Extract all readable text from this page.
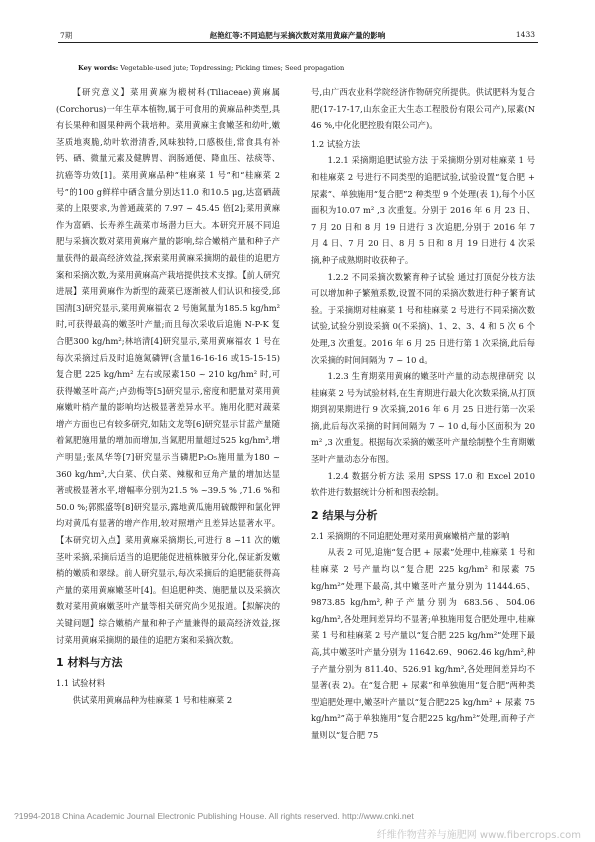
7期	赵艳红等:不同追肥与采摘次数对菜用黄麻产量的影响	1433
Key words: Vegetable-used jute; Topdressing; Picking times; Seed propagation

【研究意义】菜用黄麻为椴树科(Tiliaceae)黄麻属(Corchorus)一年生草本植物,属于可食用的黄麻品种类型,具有长果种和圆果种两个栽培种。菜用黄麻主食嫩茎和幼叶,嫩茎质地爽脆,幼叶软滑清香,风味独特,口感极佳,常食具有补钙、硒、微量元素及健脾胃、润肠通便、降血压、祛痰等、抗癌等功效[1]。菜用黄麻品种“桂麻菜 1 号”和“桂麻菜 2 号”的100 g鲜样中硒含量分别达11.0 和10.5 μg,达富硒蔬菜的上限要求,为普通蔬菜的 7.97 ~ 45.45 倍[2];菜用黄麻作为富硒、长寿养生蔬菜市场潜力巨大。本研究开展不同追肥与采摘次数对菜用黄麻产量的影响,综合嫩梢产量和种子产量获得的最高经济效益,探索菜用黄麻采摘期的最佳的追肥方案和采摘次数,为菜用黄麻高产栽培提供技术支撑。【前人研究进展】菜用黄麻作为新型的蔬菜已逐渐被人们认识和接受,邱国清[3]研究显示,菜用黄麻福农 2 号施氮量为185.5 kg/hm² 时,可获得最高的嫩茎叶产量;而且每次采收后追施 N-P-K 复合肥300 kg/hm²;林培清[4]研究显示,菜用黄麻福农 1 号在每次采摘过后及时追施氮磷钾(含量16-16-16 或15-15-15)复合肥 225 kg/hm² 左右或尿素150 ~ 210 kg/hm² 时,可获得嫩茎叶高产;卢劲梅等[5]研究显示,密度和肥量对菜用黄麻嫩叶梢产量的影响均达极显著差异水平。施用化肥对蔬菜增产方面也已有较多研究,如陆文龙等[6]研究显示甘蓝产量随着氮肥施用量的增加而增加,当氮肥用量超过525 kg/hm²,增产明显;张凤华等[7]研究显示当磷肥P₂O₅施用量为180 ~ 360 kg/hm²,大白菜、伏白菜、辣椒和豆角产量的增加达显著或极显著水平,增幅率分别为21.5 % ~39.5 % ,71.6 %和50.0 %;郭熙盛等[8]研究显示,露地黄瓜施用硫酸钾和氯化钾均对黄瓜有显著的增产作用,较对照增产且差异达显著水平。【本研究切入点】菜用黄麻采摘期长,可进行 8 ~11 次的嫩茎叶采摘,采摘后适当的追肥能促进植株腋芽分化,保证新发嫩梢的嫩质和翠绿。前人研究显示,每次采摘后的追肥能获得高产量的菜用黄麻嫩茎叶[4]。但追肥种类、施肥量以及采摘次数对菜用黄麻嫩茎叶产量等相关研究尚少见报道。【拟解决的关键问题】综合嫩梢产量和种子产量兼得的最高经济效益,探讨菜用黄麻采摘期的最佳的追肥方案和采摘次数。

1 材料与方法

1.1 试验材料

供试菜用黄麻品种为桂麻菜 1 号和桂麻菜 2

号,由广西农业科学院经济作物研究所提供。供试肥料为复合肥(17-17-17,山东金正大生态工程股份有限公司产),尿素(N 46 %,中化化肥控股有限公司产)。

1.2 试验方法

1.2.1 采摘期追肥试验方法 于采摘期分别对桂麻菜 1 号和桂麻菜 2 号进行不同类型的追肥试验,试验设置“复合肥 + 尿素”、单独施用“复合肥”2 种类型 9 个处理(表 1),每个小区面积为10.07 m² ,3 次重复。分别于 2016 年 6 月 23 日、7 月 20 日和 8 月 19 日进行 3 次追肥,分别于 2016 年 7 月 4 日、7 月 20 日、8 月 5 日和 8 月 19 日进行 4 次采摘,种子成熟期时收获种子。

1.2.2 不同采摘次数繁育种子试验 通过打顶促分枝方法可以增加种子繁殖系数,设置不同的采摘次数进行种子繁育试验。于采摘期对桂麻菜 1 号和桂麻菜 2 号进行不同采摘次数试验,试验分别设采摘 0(不采摘)、1、2、3、4 和 5 次 6 个处理,3 次重复。2016 年 6 月 25 日进行第 1 次采摘,此后每次采摘的时间间隔为 7 ~ 10 d。

1.2.3 生育期菜用黄麻的嫩茎叶产量的动态规律研究 以桂麻菜 2 号为试验材料,在生育期进行最大化次数采摘,从打顶期到初果期进行 9 次采摘,2016 年 6 月 25 日进行第一次采摘,此后每次采摘的时间间隔为 7 ~ 10 d,每小区面积为 20 m² ,3 次重复。根据每次采摘的嫩茎叶产量绘制整个生育期嫩茎叶产量动态分布图。

1.2.4 数据分析方法 采用 SPSS 17.0 和 Excel 2010 软件进行数据统计分析和图表绘制。

2 结果与分析

2.1 采摘期的不同追肥处理对菜用黄麻嫩梢产量的影响

从表 2 可见,追施“复合肥 + 尿素”处理中,桂麻菜 1 号和桂麻菜 2 号产量均以“复合肥 225 kg/hm² 和尿素 75 kg/hm²”处理下最高,其中嫩茎叶产量分别为 11444.65、9873.85 kg/hm²,种子产量分别为 683.56、504.06 kg/hm²,各处理间差异均不显著;单独施用复合肥处理中,桂麻菜 1 号和桂麻菜 2 号产量以“复合肥 225 kg/hm²”处理下最高,其中嫩茎叶产量分别为 11642.69、9062.46 kg/hm²,种子产量分别为 811.40、526.91 kg/hm²,各处理间差异均不显著(表 2)。在“复合肥 + 尿素”和单独施用“复合肥”两种类型追肥处理中,嫩茎叶产量以“复合肥225 kg/hm² + 尿素 75 kg/hm²”高于单独施用“复合肥225 kg/hm²”处理,而种子产量则以“复合肥 75

?1994-2018 China Academic Journal Electronic Publishing House. All rights reserved. http://www.cnki.net
纤维作物营养与施肥网 www.fibercrops.com
